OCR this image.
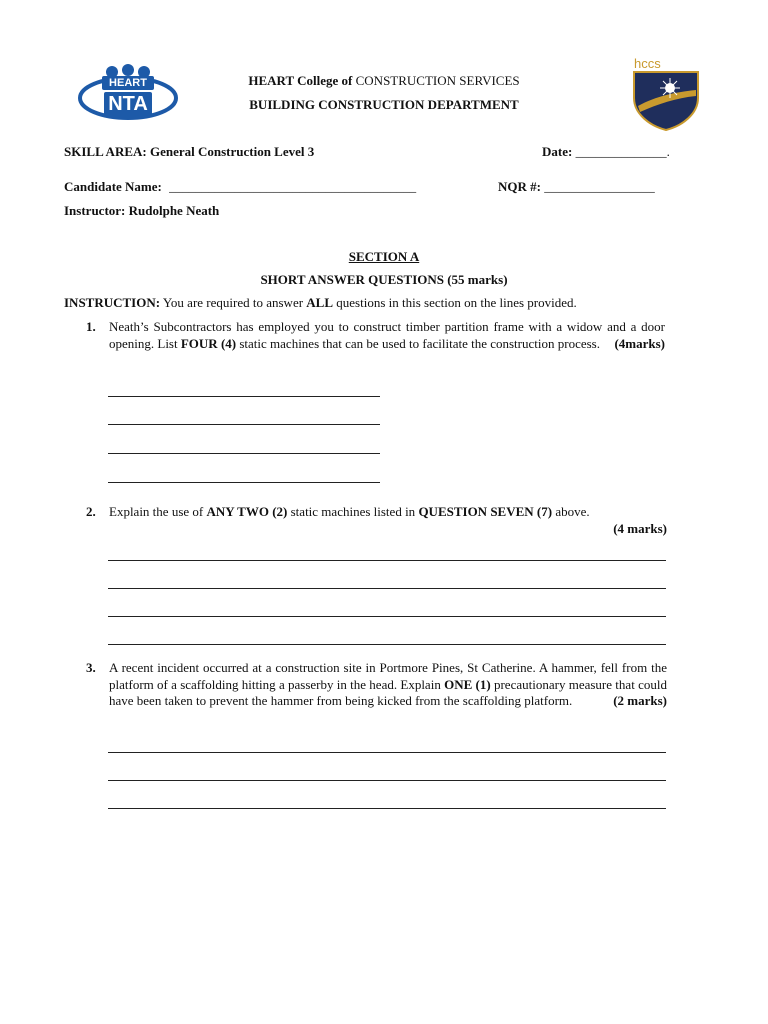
HEART
NTA
hccs
HEART College of CONSTRUCTION SERVICES
BUILDING CONSTRUCTION DEPARTMENT
SKILL AREA: General Construction Level 3	Date: ______________.
Candidate Name: ______________________________________	NQR #: _________________
Instructor: Rudolphe Neath
SECTION A
SHORT ANSWER QUESTIONS (55 marks)
INSTRUCTION: You are required to answer ALL questions in this section on the lines provided.
1. Neath’s Subcontractors has employed you to construct timber partition frame with a widow and a door opening. List FOUR (4) static machines that can be used to facilitate the construction process. (4marks)
2. Explain the use of ANY TWO (2) static machines listed in QUESTION SEVEN (7) above.
(4 marks)
3. A recent incident occurred at a construction site in Portmore Pines, St Catherine. A hammer, fell from the platform of a scaffolding hitting a passerby in the head. Explain ONE (1) precautionary measure that could have been taken to prevent the hammer from being kicked from the scaffolding platform.	(2 marks)
